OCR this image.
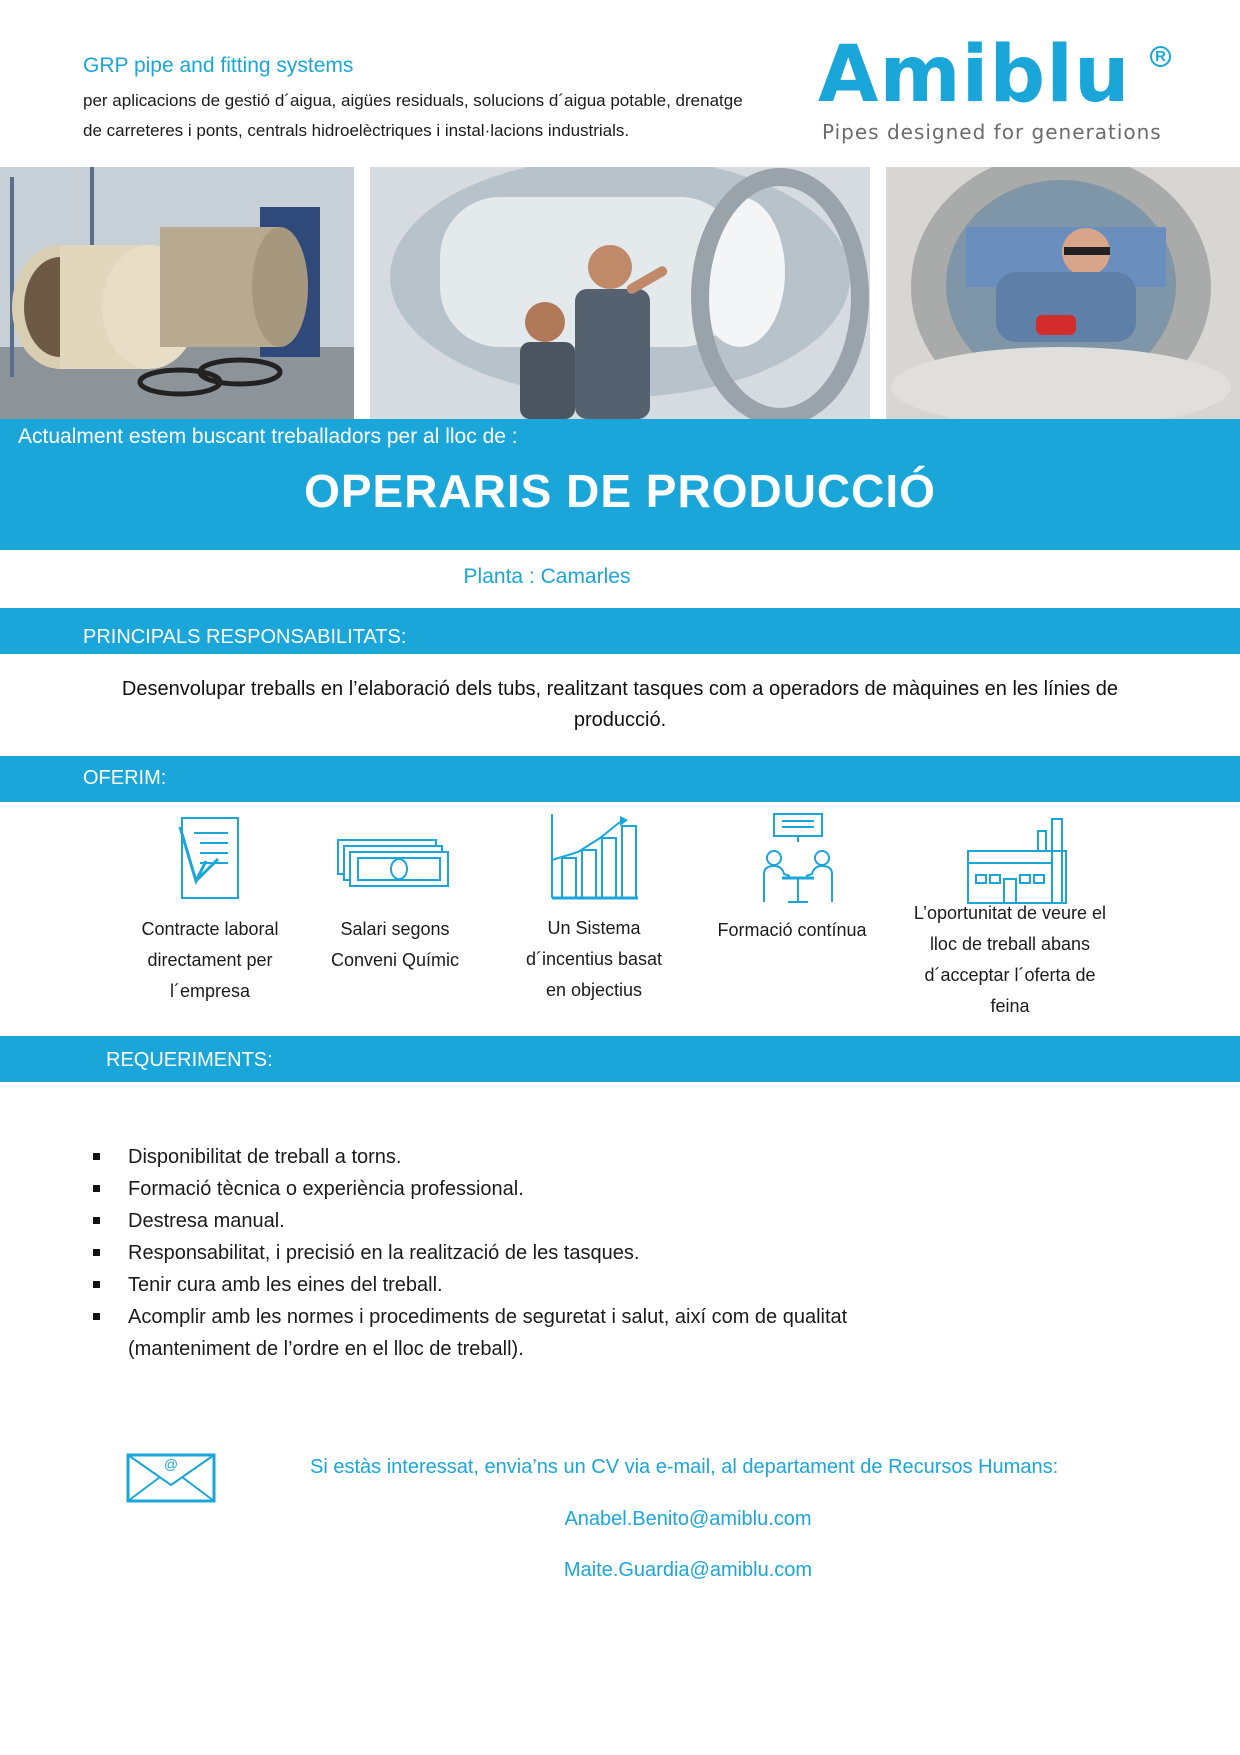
GRP pipe and fitting systems
per aplicacions de gestió d´aigua, aigües residuals, solucions d´aigua potable, drenatge
de carreteres i ponts, centrals hidroelèctriques i instal·lacions industrials.
Amiblu	R
Pipes designed for generations
Actualment estem buscant treballadors per al lloc de :
OPERARIS DE PRODUCCIÓ
Planta : Camarles
PRINCIPALS RESPONSABILITATS:
Desenvolupar treballs en l’elaboració dels tubs, realitzant tasques com a operadors de màquines en les línies de
producció.
OFERIM:
Contracte laboral
directament per
l´empresa
Salari segons
Conveni Químic
Un Sistema
d´incentius basat
en objectius
Formació contínua
L’oportunitat de veure el
lloc de treball abans
d´acceptar l´oferta de
feina
REQUERIMENTS:
Disponibilitat de treball a torns.
Formació tècnica o experiència professional.
Destresa manual.
Responsabilitat, i precisió en la realització de les tasques.
Tenir cura amb les eines del treball.
Acomplir amb les normes i procediments de seguretat i salut, així com de qualitat
(manteniment de l’ordre en el lloc de treball).
@	Si estàs interessat, envia’ns un CV via e-mail, al departament de Recursos Humans:
Anabel.Benito@amiblu.com
Maite.Guardia@amiblu.com
